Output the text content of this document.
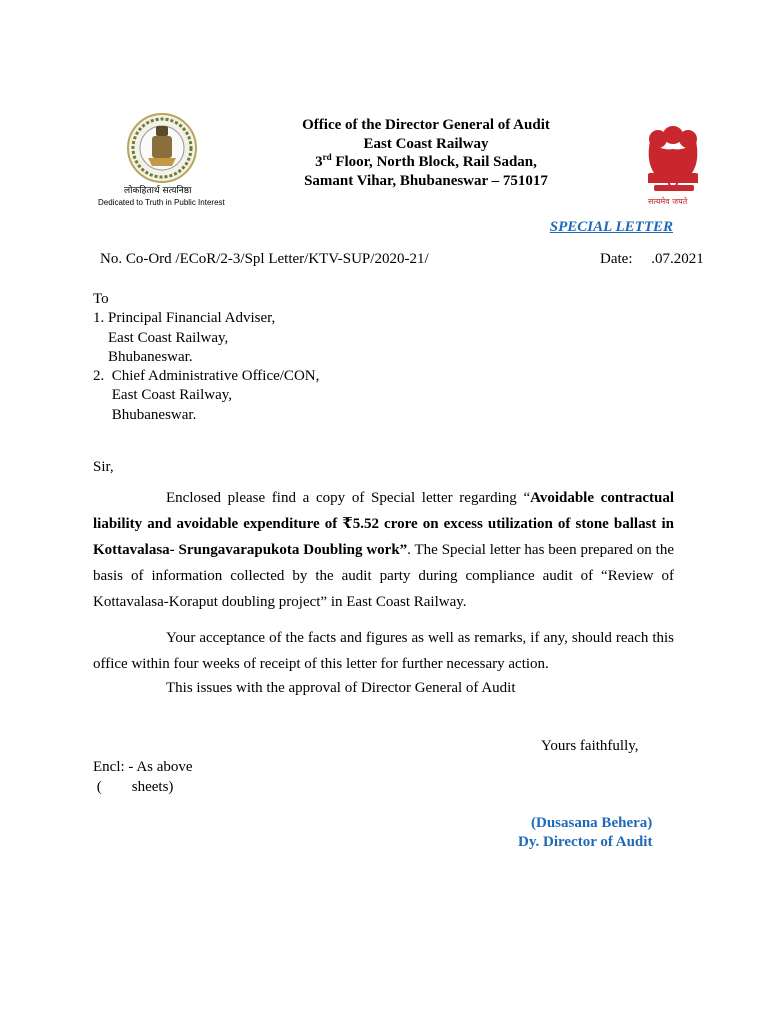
लोकहितार्थ सत्यनिष्ठा
Dedicated to Truth in Public Interest
Office of the Director General of Audit
East Coast Railway
3rd Floor, North Block, Rail Sadan,
Samant Vihar, Bhubaneswar – 751017
सत्यमेव जयते
SPECIAL LETTER
No. Co-Ord /ECoR/2-3/Spl Letter/KTV-SUP/2020-21/	Date:     .07.2021
To
1. Principal Financial Adviser,
East Coast Railway,
Bhubaneswar.
2.  Chief Administrative Office/CON,
East Coast Railway,
Bhubaneswar.
Sir,
Enclosed please find a copy of Special letter regarding “Avoidable contractual liability and avoidable expenditure of ₹5.52 crore on excess utilization of stone ballast in Kottavalasa- Srungavarapukota Doubling work”. The Special letter has been prepared on the basis of information collected by the audit party during compliance audit of “Review of Kottavalasa-Koraput doubling project” in East Coast Railway.
Your acceptance of the facts and figures as well as remarks, if any, should reach this office within four weeks of receipt of this letter for further necessary action.
This issues with the approval of Director General of Audit
Yours faithfully,
Encl: - As above
(        sheets)
(Dusasana Behera)
Dy. Director of Audit
